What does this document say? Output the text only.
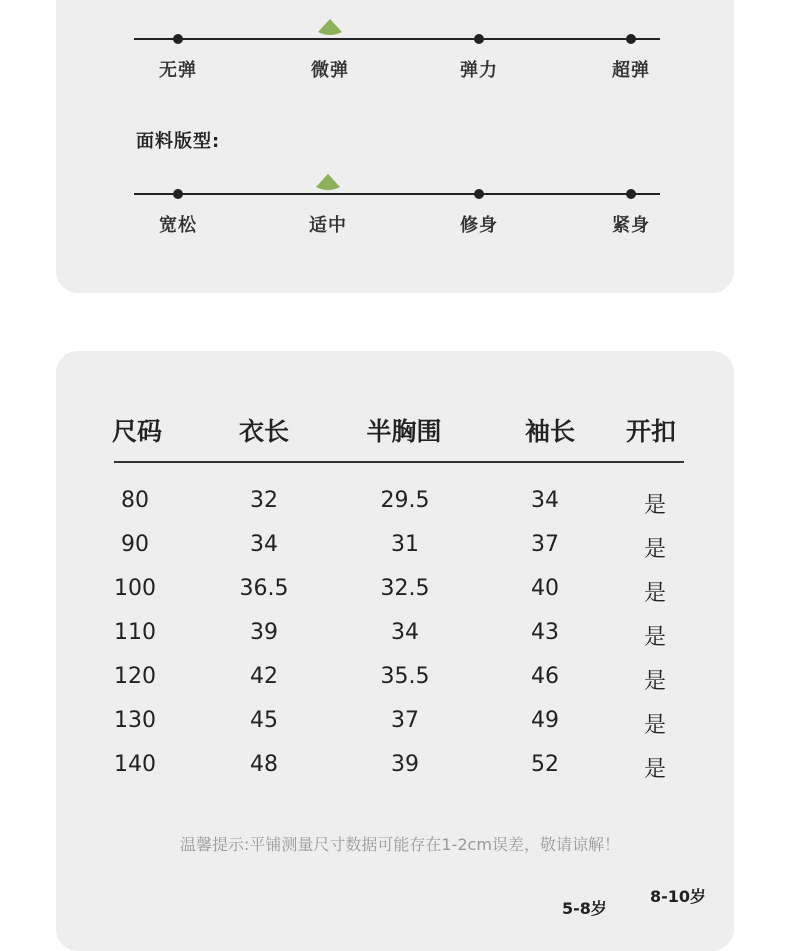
无弹	微弹	弹力	超弹
面料版型:
宽松	适中	修身	紧身
尺码	衣长	半胸围	袖长	开扣
80	32	29.5	34	是
90	34	31	37	是
100	36.5	32.5	40	是
110	39	34	43	是
120	42	35.5	46	是
130	45	37	49	是
140	48	39	52	是
温馨提示:平铺测量尺寸数据可能存在1-2cm误差，敬请谅解！
8-10岁
5-8岁
